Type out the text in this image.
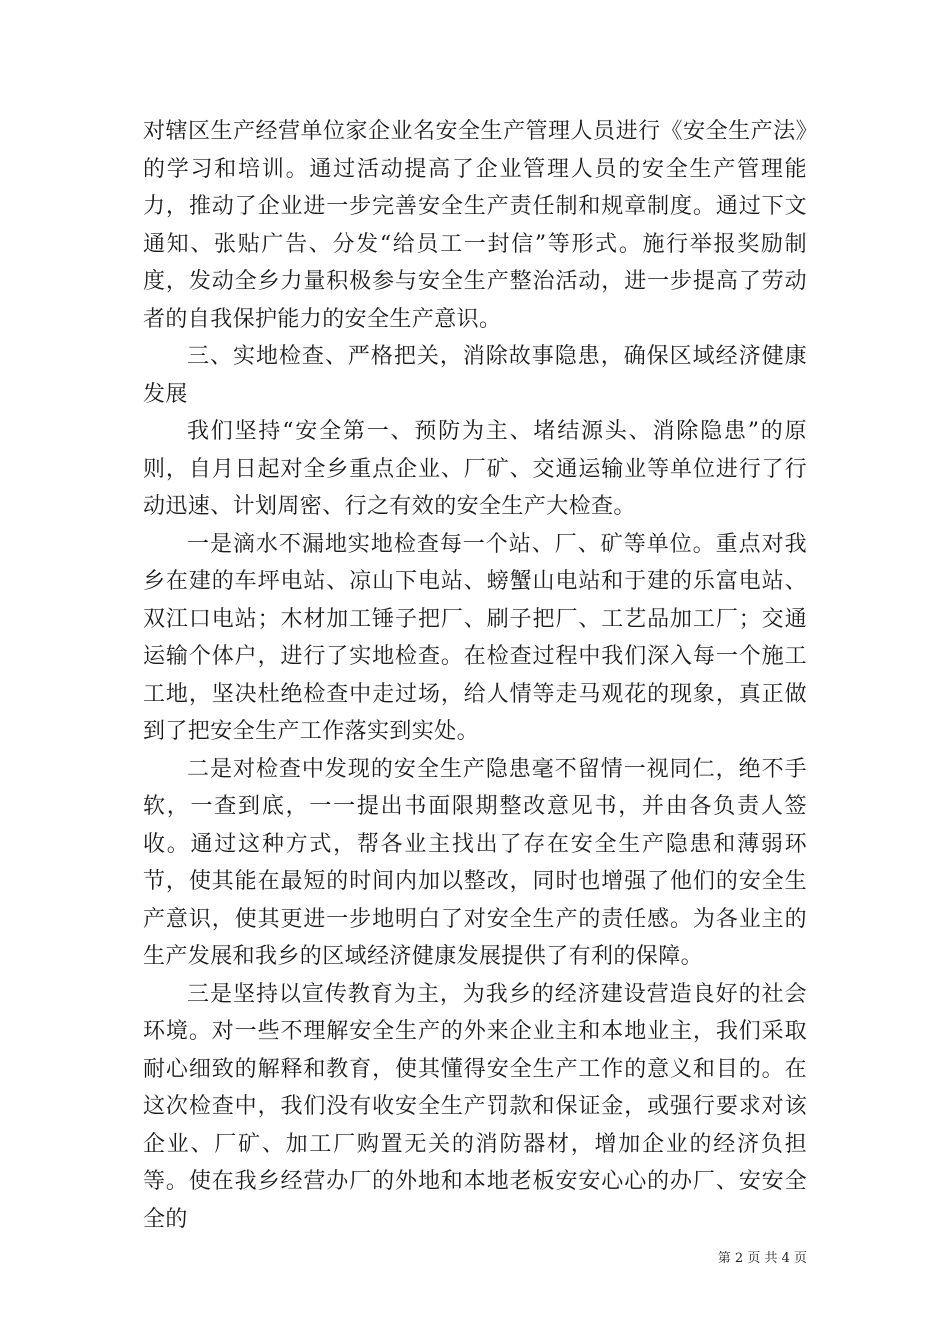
对辖区生产经营单位家企业名安全生产管理人员进行《安全生产法》的学习和培训。通过活动提高了企业管理人员的安全生产管理能力，推动了企业进一步完善安全生产责任制和规章制度。通过下文通知、张贴广告、分发“给员工一封信”等形式。施行举报奖励制度，发动全乡力量积极参与安全生产整治活动，进一步提高了劳动者的自我保护能力的安全生产意识。

三、实地检查、严格把关，消除故事隐患，确保区域经济健康发展

我们坚持“安全第一、预防为主、堵结源头、消除隐患”的原则，自月日起对全乡重点企业、厂矿、交通运输业等单位进行了行动迅速、计划周密、行之有效的安全生产大检查。

一是滴水不漏地实地检查每一个站、厂、矿等单位。重点对我乡在建的车坪电站、凉山下电站、螃蟹山电站和于建的乐富电站、双江口电站；木材加工锤子把厂、刷子把厂、工艺品加工厂；交通运输个体户，进行了实地检查。在检查过程中我们深入每一个施工工地，坚决杜绝检查中走过场，给人情等走马观花的现象，真正做到了把安全生产工作落实到实处。

二是对检查中发现的安全生产隐患毫不留情一视同仁，绝不手软，一查到底，一一提出书面限期整改意见书，并由各负责人签收。通过这种方式，帮各业主找出了存在安全生产隐患和薄弱环节，使其能在最短的时间内加以整改，同时也增强了他们的安全生产意识，使其更进一步地明白了对安全生产的责任感。为各业主的生产发展和我乡的区域经济健康发展提供了有利的保障。

三是坚持以宣传教育为主，为我乡的经济建设营造良好的社会环境。对一些不理解安全生产的外来企业主和本地业主，我们采取耐心细致的解释和教育，使其懂得安全生产工作的意义和目的。在这次检查中，我们没有收安全生产罚款和保证金，或强行要求对该企业、厂矿、加工厂购置无关的消防器材，增加企业的经济负担等。使在我乡经营办厂的外地和本地老板安安心心的办厂、安安全全的

第 2 页 共 4 页
